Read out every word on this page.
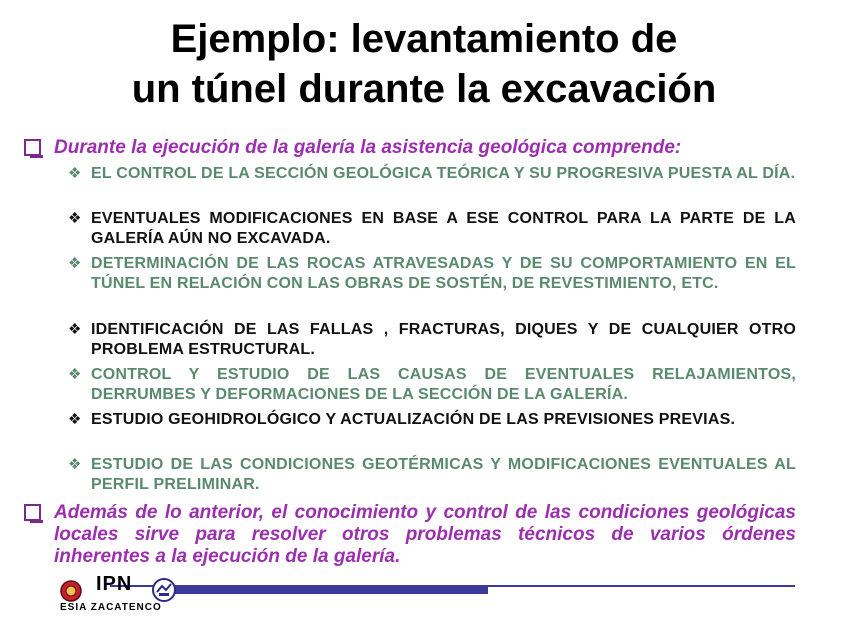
Ejemplo: levantamiento de
un túnel durante la excavación
Durante la ejecución de la galería la asistencia geológica comprende:
❖ EL CONTROL DE LA SECCIÓN GEOLÓGICA TEÓRICA Y SU PROGRESIVA PUESTA AL DÍA.
❖ EVENTUALES MODIFICACIONES EN BASE A ESE CONTROL PARA LA PARTE DE LA GALERÍA AÚN NO EXCAVADA.
❖ DETERMINACIÓN DE LAS ROCAS ATRAVESADAS Y DE SU COMPORTAMIENTO EN EL TÚNEL EN RELACIÓN CON LAS OBRAS DE SOSTÉN, DE REVESTIMIENTO, ETC.
❖ IDENTIFICACIÓN DE LAS FALLAS , FRACTURAS, DIQUES Y DE CUALQUIER OTRO PROBLEMA ESTRUCTURAL.
❖ CONTROL Y ESTUDIO DE LAS CAUSAS DE EVENTUALES RELAJAMIENTOS, DERRUMBES Y DEFORMACIONES DE LA SECCIÓN DE LA GALERÍA.
❖ ESTUDIO GEOHIDROLÓGICO Y ACTUALIZACIÓN DE LAS PREVISIONES PREVIAS.
❖ ESTUDIO DE LAS CONDICIONES GEOTÉRMICAS Y MODIFICACIONES EVENTUALES AL PERFIL PRELIMINAR.
Además de lo anterior, el conocimiento y control de las condiciones geológicas locales sirve para resolver otros problemas técnicos de varios órdenes inherentes a la ejecución de la galería.
IPN
ESIA ZACATENCO
